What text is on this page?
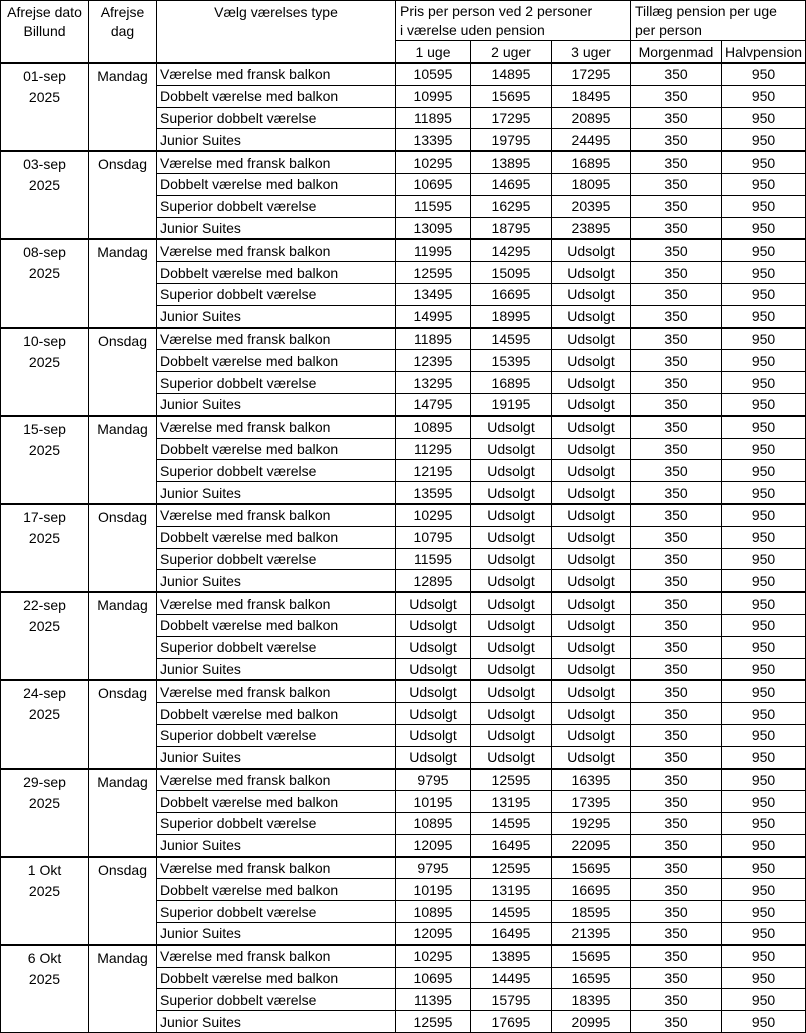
Afrejse dato
Billund	Afrejse
dag	Vælg værelses type	Pris per person ved 2 personer
i værelse uden pension			Tillæg pension per uge
per person	

			1 uge	2 uger	3 uger	Morgenmad	Halvpension

01-sep
2025	Mandag	Værelse med fransk balkon	10595	14895	17295	350	950
		Dobbelt værelse med balkon	10995	15695	18495	350	950
		Superior dobbelt værelse	11895	17295	20895	350	950
		Junior Suites	13395	19795	24495	350	950

03-sep
2025	Onsdag	Værelse med fransk balkon	10295	13895	16895	350	950
		Dobbelt værelse med balkon	10695	14695	18095	350	950
		Superior dobbelt værelse	11595	16295	20395	350	950
		Junior Suites	13095	18795	23895	350	950

08-sep
2025	Mandag	Værelse med fransk balkon	11995	14295	Udsolgt	350	950
		Dobbelt værelse med balkon	12595	15095	Udsolgt	350	950
		Superior dobbelt værelse	13495	16695	Udsolgt	350	950
		Junior Suites	14995	18995	Udsolgt	350	950

10-sep
2025	Onsdag	Værelse med fransk balkon	11895	14595	Udsolgt	350	950
		Dobbelt værelse med balkon	12395	15395	Udsolgt	350	950
		Superior dobbelt værelse	13295	16895	Udsolgt	350	950
		Junior Suites	14795	19195	Udsolgt	350	950

15-sep
2025	Mandag	Værelse med fransk balkon	10895	Udsolgt	Udsolgt	350	950
		Dobbelt værelse med balkon	11295	Udsolgt	Udsolgt	350	950
		Superior dobbelt værelse	12195	Udsolgt	Udsolgt	350	950
		Junior Suites	13595	Udsolgt	Udsolgt	350	950

17-sep
2025	Onsdag	Værelse med fransk balkon	10295	Udsolgt	Udsolgt	350	950
		Dobbelt værelse med balkon	10795	Udsolgt	Udsolgt	350	950
		Superior dobbelt værelse	11595	Udsolgt	Udsolgt	350	950
		Junior Suites	12895	Udsolgt	Udsolgt	350	950

22-sep
2025	Mandag	Værelse med fransk balkon	Udsolgt	Udsolgt	Udsolgt	350	950
		Dobbelt værelse med balkon	Udsolgt	Udsolgt	Udsolgt	350	950
		Superior dobbelt værelse	Udsolgt	Udsolgt	Udsolgt	350	950
		Junior Suites	Udsolgt	Udsolgt	Udsolgt	350	950

24-sep
2025	Onsdag	Værelse med fransk balkon	Udsolgt	Udsolgt	Udsolgt	350	950
		Dobbelt værelse med balkon	Udsolgt	Udsolgt	Udsolgt	350	950
		Superior dobbelt værelse	Udsolgt	Udsolgt	Udsolgt	350	950
		Junior Suites	Udsolgt	Udsolgt	Udsolgt	350	950

29-sep
2025	Mandag	Værelse med fransk balkon	9795	12595	16395	350	950
		Dobbelt værelse med balkon	10195	13195	17395	350	950
		Superior dobbelt værelse	10895	14595	19295	350	950
		Junior Suites	12095	16495	22095	350	950

1 Okt
2025	Onsdag	Værelse med fransk balkon	9795	12595	15695	350	950
		Dobbelt værelse med balkon	10195	13195	16695	350	950
		Superior dobbelt værelse	10895	14595	18595	350	950
		Junior Suites	12095	16495	21395	350	950

6 Okt
2025	Mandag	Værelse med fransk balkon	10295	13895	15695	350	950
		Dobbelt værelse med balkon	10695	14495	16595	350	950
		Superior dobbelt værelse	11395	15795	18395	350	950
		Junior Suites	12595	17695	20995	350	950
